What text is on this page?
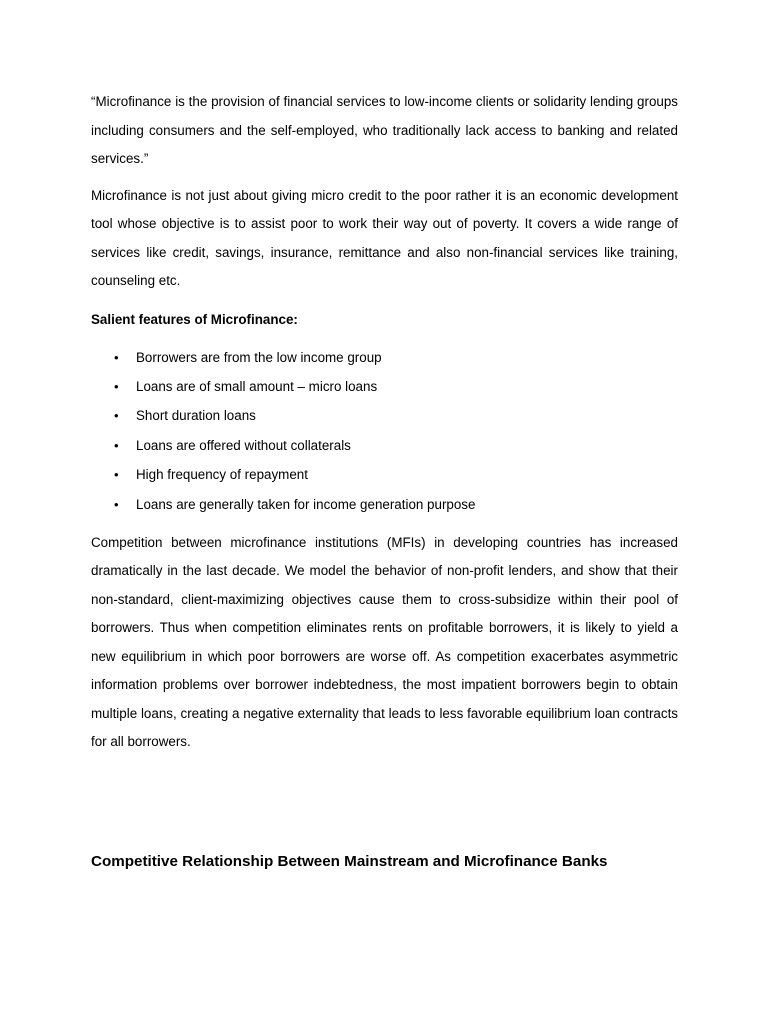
“Microfinance is the provision of financial services to low-income clients or solidarity lending groups including consumers and the self-employed, who traditionally lack access to banking and related services.”

Microfinance is not just about giving micro credit to the poor rather it is an economic development tool whose objective is to assist poor to work their way out of poverty. It covers a wide range of services like credit, savings, insurance, remittance and also non-financial services like training, counseling etc.

Salient features of Microfinance:

• Borrowers are from the low income group
• Loans are of small amount – micro loans
• Short duration loans
• Loans are offered without collaterals
• High frequency of repayment
• Loans are generally taken for income generation purpose

Competition between microfinance institutions (MFIs) in developing countries has increased dramatically in the last decade. We model the behavior of non-profit lenders, and show that their non-standard, client-maximizing objectives cause them to cross-subsidize within their pool of borrowers. Thus when competition eliminates rents on profitable borrowers, it is likely to yield a new equilibrium in which poor borrowers are worse off. As competition exacerbates asymmetric information problems over borrower indebtedness, the most impatient borrowers begin to obtain multiple loans, creating a negative externality that leads to less favorable equilibrium loan contracts for all borrowers.

Competitive Relationship Between Mainstream and Microfinance Banks
